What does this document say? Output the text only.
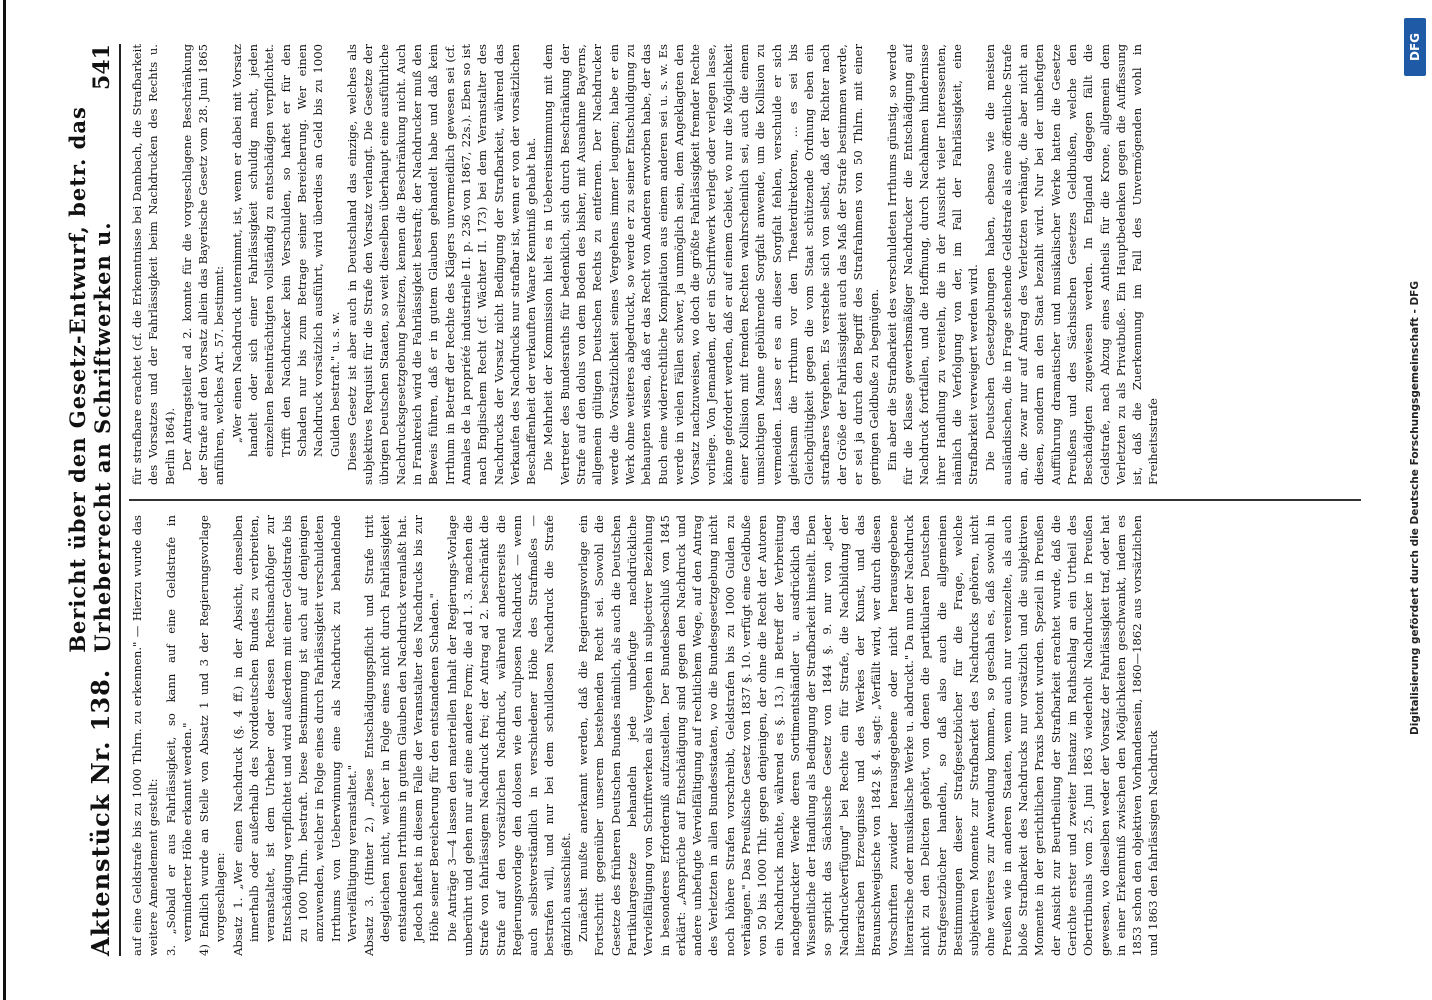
Aktenstück Nr. 138.
Bericht über den Gesetz-Entwurf, betr. das Urheberrecht an Schriftwerken u.
541

auf eine Geldstrafe bis zu 1000 Thlrn. zu erkennen." — Hierzu wurde das weitere Amendement gestellt: 3. „Sobald er aus Fahrlässigkeit, so kann auf eine Geldstrafe in verminderter Höhe erkannt werden." 4) Endlich wurde an Stelle von Absatz 1 und 3 der Regierungsvorlage vorgeschlagen: Absatz 1. „Wer einen Nachdruck (§. 4 ff.) in der Absicht, denselben innerhalb oder außerhalb des Norddeutschen Bundes zu verbreiten, veranstaltet, ist dem Urheber oder dessen Rechtsnachfolger zur Entschädigung verpflichtet und wird außerdem mit einer Geldstrafe bis zu 1000 Thlrn. bestraft. Diese Bestimmung ist auch auf denjenigen anzuwenden, welcher in Folge eines durch Fahrlässigkeit verschuldeten Irrthums von Ueberwinnung eine als Nachdruck zu behandelnde Vervielfältigung veranstaltet." Absatz 3. (Hinter 2.) „Diese Entschädigungspflicht und Strafe tritt desgleichen nicht, welcher in Folge eines nicht durch Fahrlässigkeit entstandenen Irrthums in gutem Glauben den Nachdruck veranlaßt hat. Jedoch haftet in diesem Falle der Veranstalter des Nachdrucks bis zur Höhe seiner Bereicherung für den entstandenen Schaden." Die Anträge 3—4 lassen den materiellen Inhalt der Regierungs-Vorlage unberührt und gehen nur auf eine andere Form; die ad 1. 3. machen die Strafe von fahrlässigem Nachdruck frei; der Antrag ad 2. beschränkt die Strafe auf den vorsätzlichen Nachdruck, während andererseits die Regierungsvorlage den dolosen wie den culposen Nachdruck — wenn auch selbstverständlich in verschiedener Höhe des Strafmaßes — bestrafen will, und nur bei dem schuldlosen Nachdruck die Strafe gänzlich ausschließt. Zunächst mußte anerkannt werden, daß die Regierungsvorlage ein Fortschritt gegenüber unserem bestehenden Recht sei. Sowohl die Gesetze des früheren Deutschen Bundes nämlich, als auch die Deutschen Partikulargesetze behandeln jede unbefugte nachdrückliche Vervielfältigung von Schriftwerken als Vergehen in subjectiver Beziehung in besonderes Erforderniß aufzustellen. Der Bundesbeschluß von 1845 erklärt: „Ansprüche auf Entschädigung sind gegen den Nachdruck und andere unbefugte Vervielfältigung auf rechtlichem Wege, auf den Antrag des Verletzten in allen Bundesstaaten, wo die Bundesgesetzgebung nicht noch höhere Strafen vorschreibt, Geldstrafen bis zu 1000 Gulden zu verhängen." Das Preußische Gesetz von 1837 §. 10. verfügt eine Geldbuße von 50 bis 1000 Thlr. gegen denjenigen, der ohne die Recht der Autoren ein Nachdruck machte, während es §. 13.) in Betreff der Verbreitung nachgedruckter Werke deren Sortimentshändler u. ausdrücklich das Wissentliche der Handlung als Bedingung der Strafbarkeit hinstellt. Eben so spricht das Sächsische Gesetz von 1844 §. 9. nur von „jeder Nachdruckverfügung" bei Rechte ein für Strafe, die Nachbildung der literarischen Erzeugnisse und des Werkes der Kunst, und das Braunschweigische von 1842 §. 4. sagt: „Verfällt wird, wer durch diesen Vorschriften zuwider herausgegebene oder nicht herausgegebene literarische oder musikalische Werke u. abdruckt." Da nun der Nachdruck nicht zu den Delicten gehört, von denen die partikularen Deutschen Strafgesetzbücher handeln, so daß also auch die allgemeinen Bestimmungen dieser Strafgesetzbücher für die Frage, welche subjektiven Momente zur Strafbarkeit des Nachdrucks gehören, nicht ohne weiteres zur Anwendung kommen, so geschah es, daß sowohl in Preußen wie in anderen Staaten, wenn auch nur vereinzelte, als auch bloße Strafbarkeit des Nachdrucks nur vorsätzlich und die subjektiven Momente in der gerichtlichen Praxis betont wurden. Speziell in Preußen der Ansicht zur Beurtheilung der Strafbarkeit erachtet wurde, daß die Gerichte erster und zweiter Instanz im Rathschlag an ein Urtheil des Obertribunals vom 25. Juni 1863 wiederholt Nachdrucker in Preußen gewesen, wo dieselben weder der Vorsatz der Fahrlässigkeit traf, oder hat in einer Erkenntniß zwischen den Möglichkeiten geschwankt, indem es 1853 schon den objektiven Vorhandensein, 1860—1862 aus vorsätzlichen und 1863 den fahrlässigen Nachdruck

für strafbare erachtet (cf. die Erkenntnisse bei Dambach, die Strafbarkeit des Vorsatzes und der Fahrlässigkeit beim Nachdrucken des Rechts u. Berlin 1864). Der Antragsteller ad 2. konnte für die vorgeschlagene Beschränkung der Strafe auf den Vorsatz allein das Bayerische Gesetz vom 28. Juni 1865 anführen, welches Art. 57. bestimmt: „Wer einen Nachdruck unternimmt, ist, wenn er dabei mit Vorsatz handelt oder sich einer Fahrlässigkeit schuldig macht, jeden einzelnen Beeinträchtigten vollständig zu entschädigen verpflichtet. Trifft den Nachdrucker kein Verschulden, so haftet er für den Schaden nur bis zum Betrage seiner Bereicherung. Wer einen Nachdruck vorsätzlich ausführt, wird überdies an Geld bis zu 1000 Gulden bestraft." u. s. w. Dieses Gesetz ist aber auch in Deutschland das einzige, welches als subjektives Requisit für die Strafe den Vorsatz verlangt. Die Gesetze der übrigen Deutschen Staaten, so weit dieselben überhaupt eine ausführliche Nachdrucksgesetzgebung besitzen, kennen die Beschränkung nicht. Auch in Frankreich wird die Fahrlässigkeit bestraft; der Nachdrucker muß den Beweis führen, daß er in gutem Glauben gehandelt habe und daß kein Irrthum in Betreff der Rechte des Klägers unvermeidlich gewesen sei (cf. Annales de la propriété industrielle II. p. 236 von 1867, 22s.). Eben so ist nach Englischem Recht (cf. Wächter II. 173) bei dem Veranstalter des Nachdrucks der Vorsatz nicht Bedingung der Strafbarkeit, während das Verkaufen des Nachdrucks nur strafbar ist, wenn er von der vorsätzlichen Beschaffenheit der verkauften Waare Kenntniß gehabt hat. Die Mehrheit der Kommission hielt es in Uebereinstimmung mit dem Vertreter des Bundesraths für bedenklich, sich durch Beschränkung der Strafe auf den dolus von dem Boden des bisher, mit Ausnahme Bayerns, allgemein gültigen Deutschen Rechts zu entfernen. Der Nachdrucker werde die Vorsätzlichkeit seines Vergehens immer leugnen; habe er ein Werk ohne weiteres abgedruckt, so werde er zu seiner Entschuldigung zu behaupten wissen, daß er das Recht von Anderen erworben habe, der das Buch eine widerrechtliche Kompilation aus einem anderen sei u. s. w. Es werde in vielen Fällen schwer, ja unmöglich sein, dem Angeklagten den Vorsatz nachzuweisen, wo doch die größte Fahrlässigkeit fremder Rechte vorliege. Von Jemandem, der ein Schriftwerk verlegt oder verlegen lasse, könne gefordert werden, daß er auf einem Gebiet, wo nur die Möglichkeit einer Kollision mit fremden Rechten wahrscheinlich sei, auch die einem umsichtigen Manne gebührende Sorgfalt anwende, um die Kollision zu vermeiden. Lasse er es an dieser Sorgfalt fehlen, verschulde er sich gleichsam die Irrthum vor den Theaterdirektoren, ... es sei bis Gleichgültigkeit gegen die vom Staat schützende Ordnung eben ein strafbares Vergehen. Es verstehe sich von selbst, daß der Richter nach der Größe der Fahrlässigkeit auch das Maß der Strafe bestimmen werde, er sei ja durch den Begriff des Strafrahmens von 50 Thlrn. mit einer geringen Geldbuße zu begnügen. Ein aber die Strafbarkeit des verschuldeten Irrthums günstig, so werde für die Klasse gewerbsmäßiger Nachdrucker die Entschädigung auf Nachdruck fortfallen, und die Hoffnung, durch Nachahmen hindernisse ihrer Handlung zu vereiteln, die in der Aussicht vieler Interessenten, nämlich die Verfolgung von der, im Fall der Fahrlässigkeit, eine Strafbarkeit verweigert werden wird. Die Deutschen Gesetzgebungen haben, ebenso wie die meisten ausländischen, die in Frage stehende Geldstrafe als eine öffentliche Strafe an, die zwar nur auf Antrag des Verletzten verhängt, die aber nicht an diesen, sondern an den Staat bezahlt wird. Nur bei der unbefugten Aufführung dramatischer und musikalischer Werke hatten die Gesetze Preußens und des Sächsischen Gesetzes Geldbußen, welche den Beschädigten zugewiesen werden. In England dagegen fällt die Geldstrafe, nach Abzug eines Antheils für die Krone, allgemein dem Verletzten zu als Privatbuße. Ein Hauptbedenken gegen die Auffassung ist, daß die Zuerkennung im Fall des Unvermögenden wohl in Freiheitsstrafe

DFG
Digitalisierung gefördert durch die Deutsche Forschungsgemeinschaft - DFG
